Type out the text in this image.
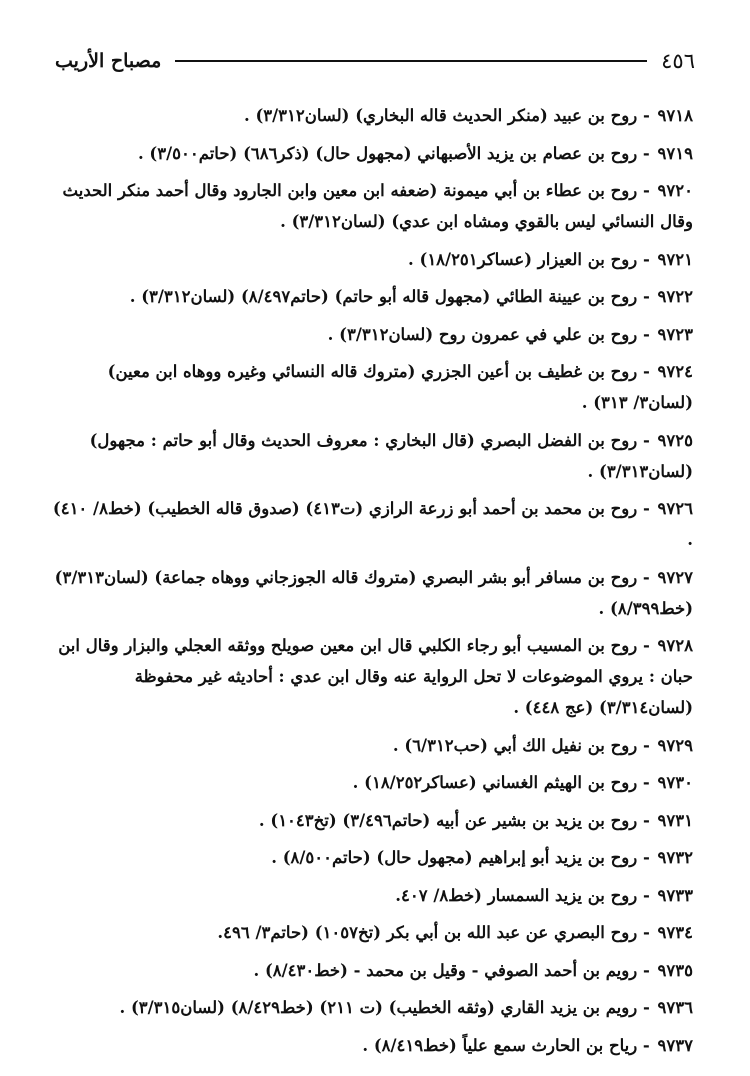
٤٥٦
مصباح الأريب
٩٧١٨ - روح بن عبيد (منكر الحديث قاله البخاري) (لسان٣/٣١٢) .
٩٧١٩ - روح بن عصام بن يزيد الأصبهاني (مجهول حال) (ذكر٦٨٦) (حاتم٣/٥٠٠) .
٩٧٢٠ - روح بن عطاء بن أبي ميمونة (ضعفه ابن معين وابن الجارود وقال أحمد منكر الحديث وقال النسائي ليس بالقوي ومشاه ابن عدي) (لسان٣/٣١٢) .
٩٧٢١ - روح بن العيزار (عساكر١٨/٢٥١) .
٩٧٢٢ - روح بن عيينة الطائي (مجهول قاله أبو حاتم) (حاتم٨/٤٩٧) (لسان٣/٣١٢) .
٩٧٢٣ - روح بن علي في عمرون روح (لسان٣/٣١٢) .
٩٧٢٤ - روح بن غطيف بن أعين الجزري (متروك قاله النسائي وغيره ووهاه ابن معين) (لسان٣/ ٣١٣) .
٩٧٢٥ - روح بن الفضل البصري (قال البخاري : معروف الحديث وقال أبو حاتم : مجهول) (لسان٣/٣١٣) .
٩٧٢٦ - روح بن محمد بن أحمد أبو زرعة الرازي (ت٤١٣) (صدوق قاله الخطيب) (خط٨/ ٤١٠) .
٩٧٢٧ - روح بن مسافر أبو بشر البصري (متروك قاله الجوزجاني ووهاه جماعة) (لسان٣/٣١٣) (خط٨/٣٩٩) .
٩٧٢٨ - روح بن المسيب أبو رجاء الكلبي قال ابن معين صويلح ووثقه العجلي والبزار وقال ابن حبان : يروي الموضوعات لا تحل الرواية عنه وقال ابن عدي : أحاديثه غير محفوظة (لسان٣/٣١٤) (عج ٤٤٨) .
٩٧٢٩ - روح بن نفيل الك أبي (حب٦/٣١٢) .
٩٧٣٠ - روح بن الهيثم الغساني (عساكر١٨/٢٥٢) .
٩٧٣١ - روح بن يزيد بن بشير عن أبيه (حاتم٣/٤٩٦) (تخ١٠٤٣) .
٩٧٣٢ - روح بن يزيد أبو إبراهيم (مجهول حال) (حاتم٨/٥٠٠) .
٩٧٣٣ - روح بن يزيد السمسار (خط٨/ ٤٠٧.
٩٧٣٤ - روح البصري عن عبد الله بن أبي بكر (تخ١٠٥٧) (حاتم٣/ ٤٩٦.
٩٧٣٥ - رويم بن أحمد الصوفي - وقيل بن محمد - (خط٨/٤٣٠) .
٩٧٣٦ - رويم بن يزيد القاري (وثقه الخطيب) (ت ٢١١) (خط٨/٤٢٩) (لسان٣/٣١٥) .
٩٧٣٧ - رياح بن الحارث سمع علياً (خط٨/٤١٩) .
